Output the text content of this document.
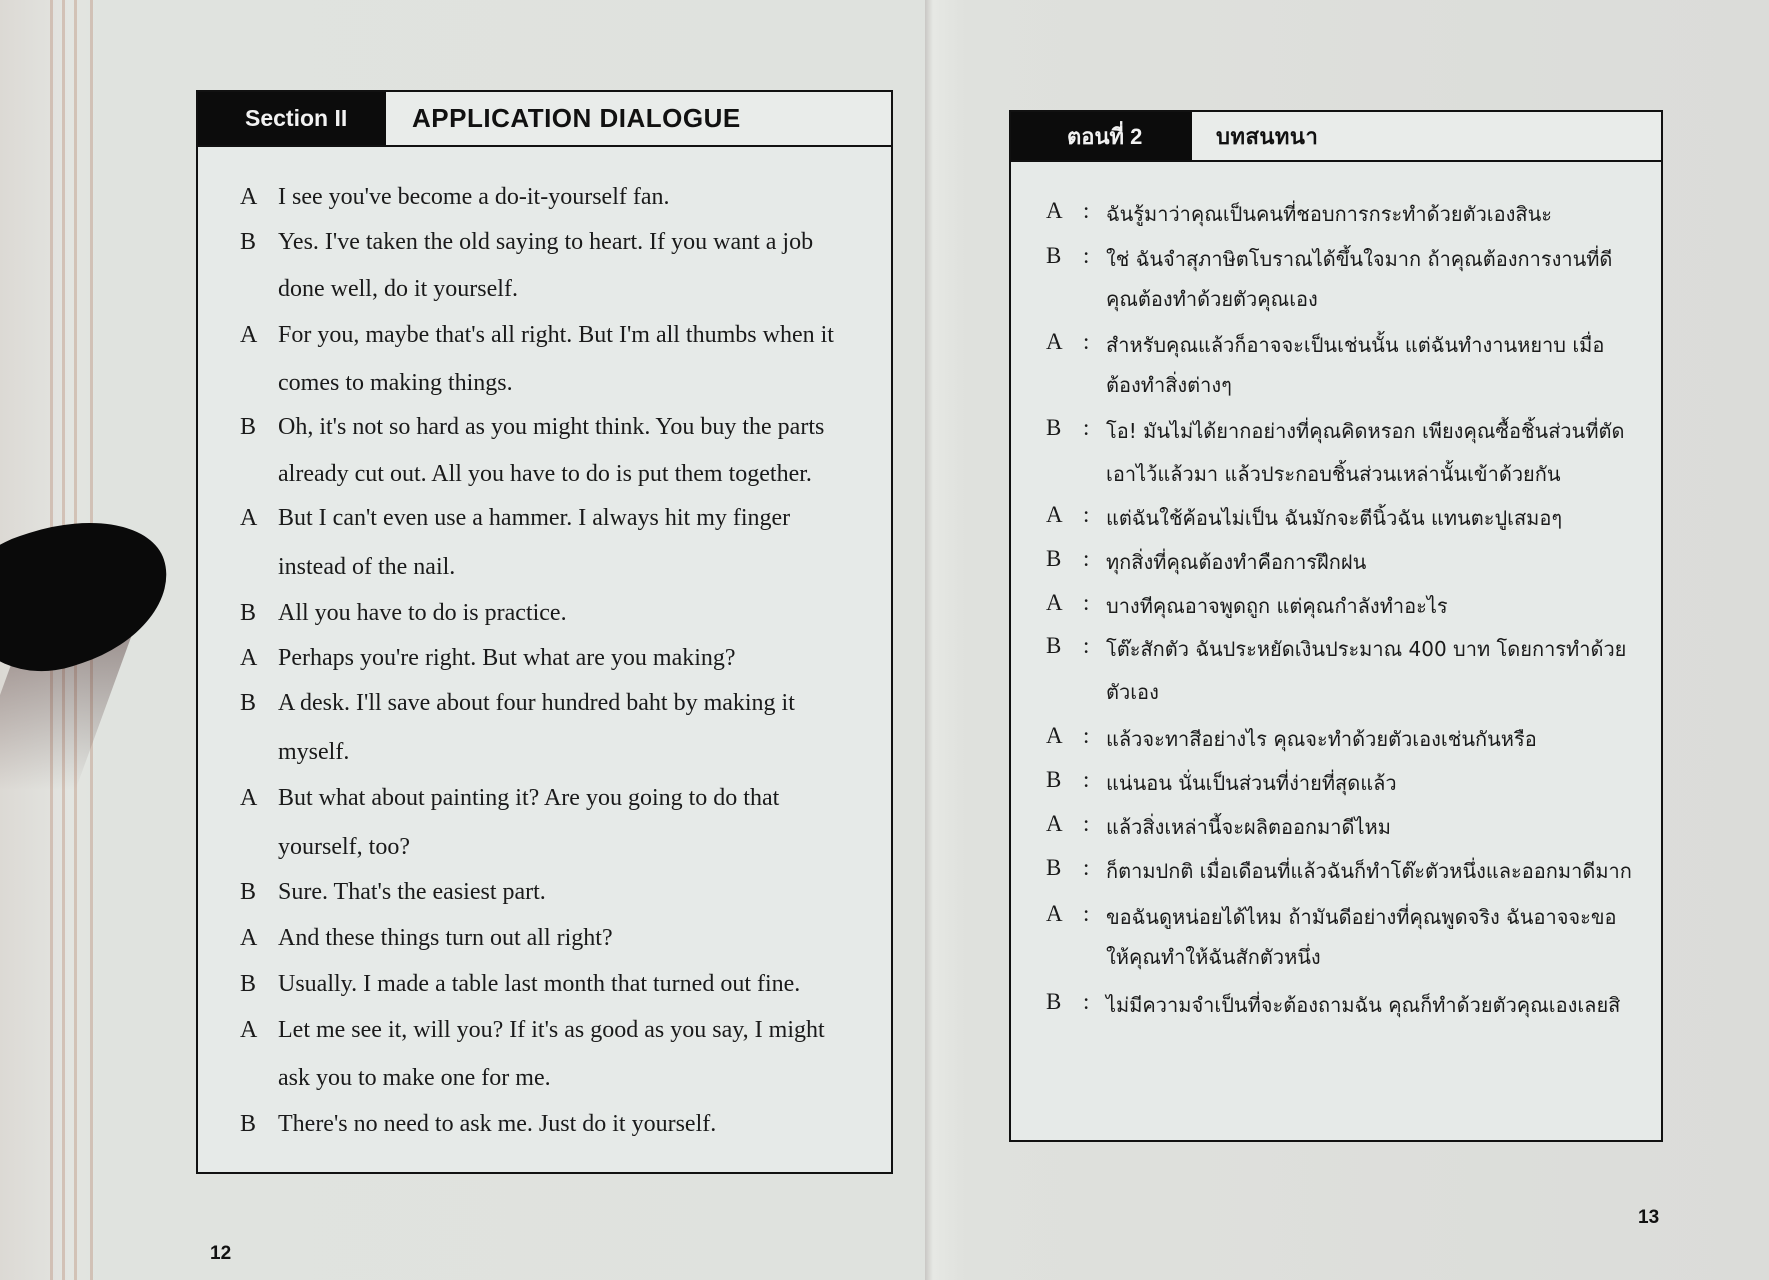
Section II	APPLICATION DIALOGUE
A I see you've become a do-it-yourself fan.
B Yes. I've taken the old saying to heart. If you want a job
done well, do it yourself.
A For you, maybe that's all right. But I'm all thumbs when it
comes to making things.
B Oh, it's not so hard as you might think. You buy the parts
already cut out. All you have to do is put them together.
A But I can't even use a hammer. I always hit my finger
instead of the nail.
B All you have to do is practice.
A Perhaps you're right. But what are you making?
B A desk. I'll save about four hundred baht by making it
myself.
A But what about painting it? Are you going to do that
yourself, too?
B Sure. That's the easiest part.
A And these things turn out all right?
B Usually. I made a table last month that turned out fine.
A Let me see it, will you? If it's as good as you say, I might
ask you to make one for me.
B There's no need to ask me. Just do it yourself.
12
ตอนที่ 2	บทสนทนา
A : ฉันรู้มาว่าคุณเป็นคนที่ชอบการกระทำด้วยตัวเองสินะ
B : ใช่ ฉันจำสุภาษิตโบราณได้ขึ้นใจมาก ถ้าคุณต้องการงานที่ดี
คุณต้องทำด้วยตัวคุณเอง
A : สำหรับคุณแล้วก็อาจจะเป็นเช่นนั้น แต่ฉันทำงานหยาบ เมื่อ
ต้องทำสิ่งต่างๆ
B : โอ! มันไม่ได้ยากอย่างที่คุณคิดหรอก เพียงคุณซื้อชิ้นส่วนที่ตัด
เอาไว้แล้วมา แล้วประกอบชิ้นส่วนเหล่านั้นเข้าด้วยกัน
A : แต่ฉันใช้ค้อนไม่เป็น ฉันมักจะตีนิ้วฉัน แทนตะปูเสมอๆ
B : ทุกสิ่งที่คุณต้องทำคือการฝึกฝน
A : บางทีคุณอาจพูดถูก แต่คุณกำลังทำอะไร
B : โต๊ะสักตัว ฉันประหยัดเงินประมาณ 400 บาท โดยการทำด้วย
ตัวเอง
A : แล้วจะทาสีอย่างไร คุณจะทำด้วยตัวเองเช่นกันหรือ
B : แน่นอน นั่นเป็นส่วนที่ง่ายที่สุดแล้ว
A : แล้วสิ่งเหล่านี้จะผลิตออกมาดีไหม
B : ก็ตามปกติ เมื่อเดือนที่แล้วฉันก็ทำโต๊ะตัวหนึ่งและออกมาดีมาก
A : ขอฉันดูหน่อยได้ไหม ถ้ามันดีอย่างที่คุณพูดจริง ฉันอาจจะขอ
ให้คุณทำให้ฉันสักตัวหนึ่ง
B : ไม่มีความจำเป็นที่จะต้องถามฉัน คุณก็ทำด้วยตัวคุณเองเลยสิ
13
